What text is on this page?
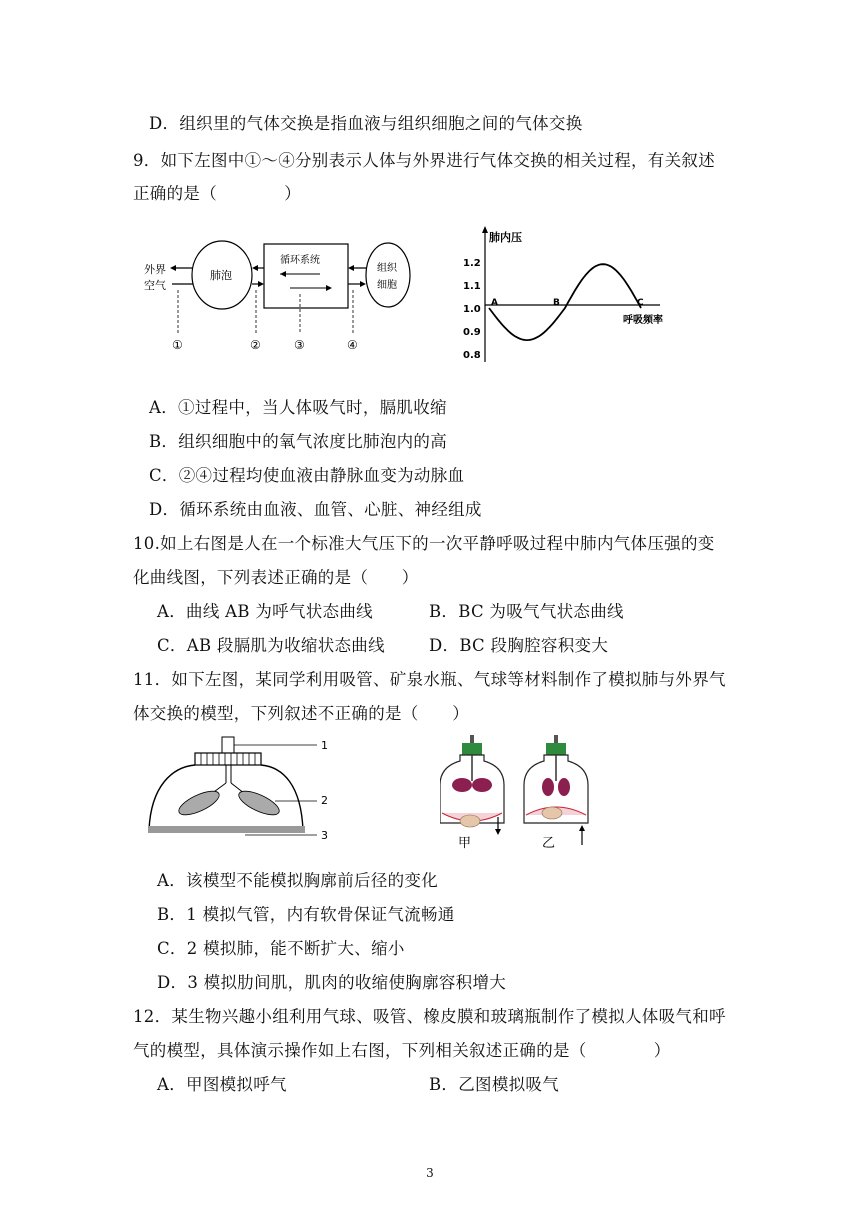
D．组织里的气体交换是指血液与组织细胞之间的气体交换
9．如下左图中①～④分别表示人体与外界进行气体交换的相关过程，有关叙述
正确的是（　　　　）
外界
空气
肺泡
循环系统
组织
细胞
①	②	③	④
肺内压
呼吸频率
1.2
1.1
1.0
0.9
0.8
A	B	C
A．①过程中，当人体吸气时，膈肌收缩
B．组织细胞中的氧气浓度比肺泡内的高
C．②④过程均使血液由静脉血变为动脉血
D．循环系统由血液、血管、心脏、神经组成
10.如上右图是人在一个标准大气压下的一次平静呼吸过程中肺内气体压强的变
化曲线图，下列表述正确的是（　　）
A．曲线 AB 为呼气状态曲线	B．BC 为吸气气状态曲线
C．AB 段膈肌为收缩状态曲线	D．BC 段胸腔容积变大
11．如下左图，某同学利用吸管、矿泉水瓶、气球等材料制作了模拟肺与外界气
体交换的模型，下列叙述不正确的是（　　）
1
2
3
甲	乙
A．该模型不能模拟胸廓前后径的变化
B．1 模拟气管，内有软骨保证气流畅通
C．2 模拟肺，能不断扩大、缩小
D．3 模拟肋间肌，肌肉的收缩使胸廓容积增大
12．某生物兴趣小组利用气球、吸管、橡皮膜和玻璃瓶制作了模拟人体吸气和呼
气的模型，具体演示操作如上右图，下列相关叙述正确的是（　　　　）
A．甲图模拟呼气	B．乙图模拟吸气
3
